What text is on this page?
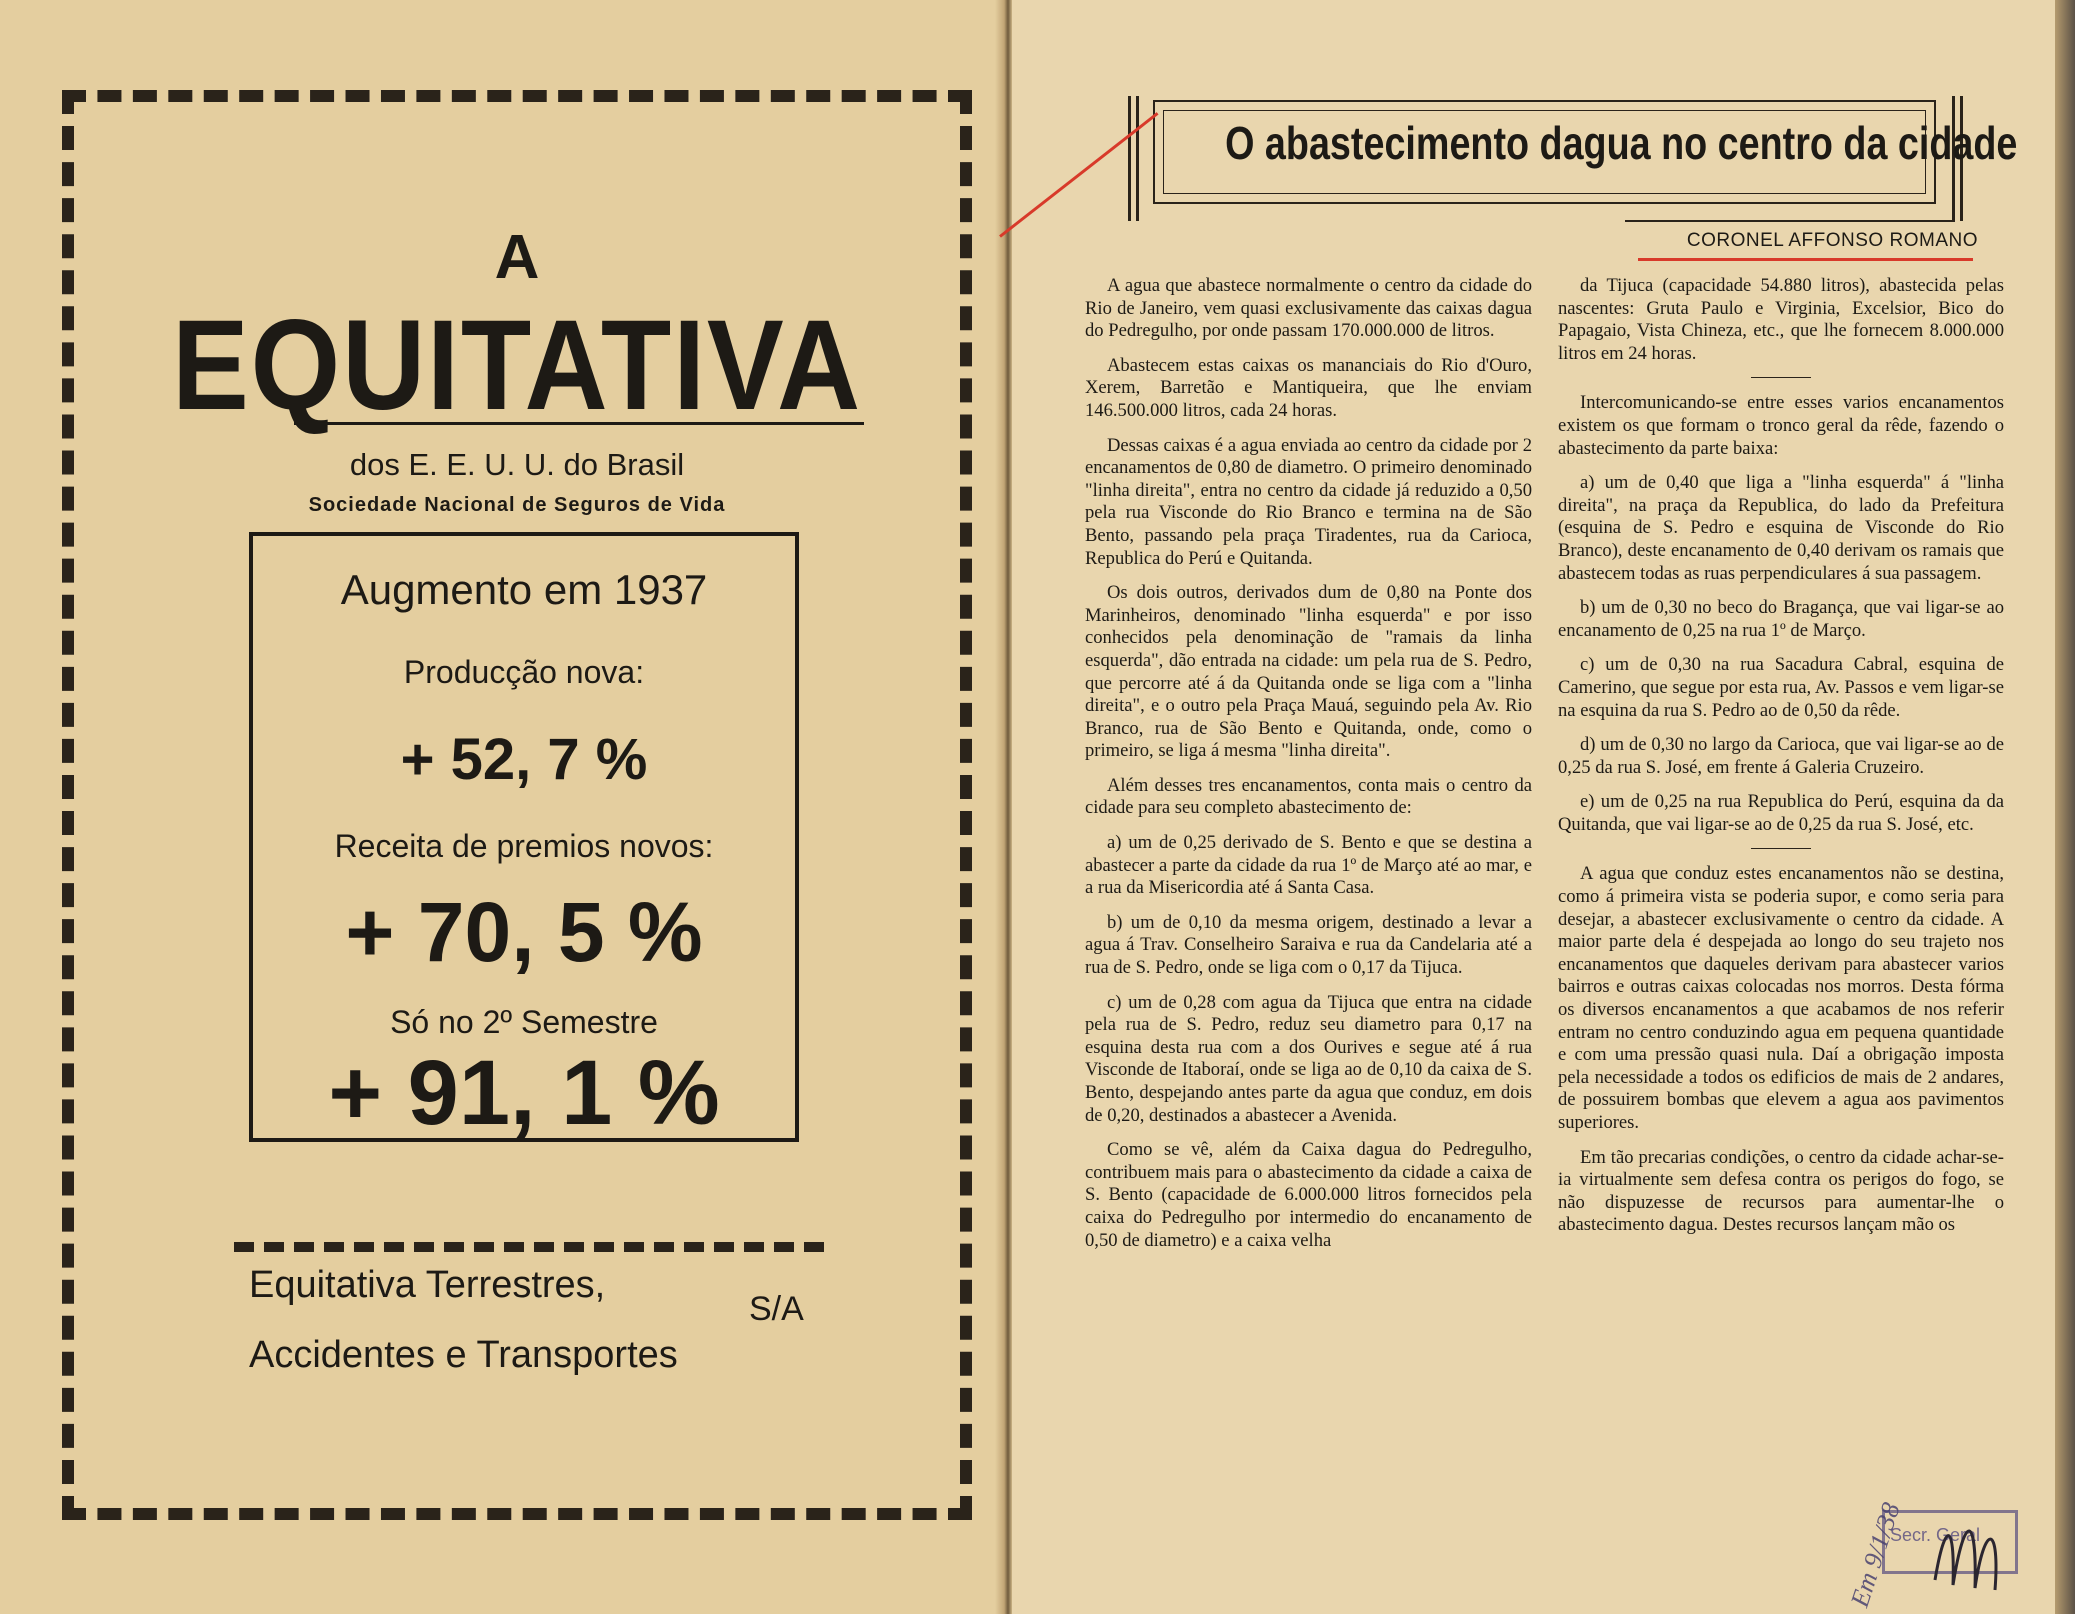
A
EQUITATIVA
dos E. E. U. U. do Brasil
Sociedade Nacional de Seguros de Vida
Augmento em 1937
Producção nova:
+ 52, 7 %
Receita de premios novos:
+ 70, 5 %
Só no 2º Semestre
+ 91, 1 %
Equitativa Terrestres,
Accidentes e Transportes
S/A
O abastecimento dagua no centro da cidade
CORONEL AFFONSO ROMANO

A agua que abastece normalmente o centro da cidade do Rio de Janeiro, vem quasi exclusivamente das caixas dagua do Pedregulho, por onde passam 170.000.000 de litros.

Abastecem estas caixas os mananciais do Rio d'Ouro, Xerem, Barretão e Mantiqueira, que lhe enviam 146.500.000 litros, cada 24 horas.

Dessas caixas é a agua enviada ao centro da cidade por 2 encanamentos de 0,80 de diametro. O primeiro denominado "linha direita", entra no centro da cidade já reduzido a 0,50 pela rua Visconde do Rio Branco e termina na de São Bento, passando pela praça Tiradentes, rua da Carioca, Republica do Perú e Quitanda.

Os dois outros, derivados dum de 0,80 na Ponte dos Marinheiros, denominado "linha esquerda" e por isso conhecidos pela denominação de "ramais da linha esquerda", dão entrada na cidade: um pela rua de S. Pedro, que percorre até á da Quitanda onde se liga com a "linha direita", e o outro pela Praça Mauá, seguindo pela Av. Rio Branco, rua de São Bento e Quitanda, onde, como o primeiro, se liga á mesma "linha direita".

Além desses tres encanamentos, conta mais o centro da cidade para seu completo abastecimento de:

a) um de 0,25 derivado de S. Bento e que se destina a abastecer a parte da cidade da rua 1º de Março até ao mar, e a rua da Misericordia até á Santa Casa.

b) um de 0,10 da mesma origem, destinado a levar a agua á Trav. Conselheiro Saraiva e rua da Candelaria até a rua de S. Pedro, onde se liga com o 0,17 da Tijuca.

c) um de 0,28 com agua da Tijuca que entra na cidade pela rua de S. Pedro, reduz seu diametro para 0,17 na esquina desta rua com a dos Ourives e segue até á rua Visconde de Itaboraí, onde se liga ao de 0,10 da caixa de S. Bento, despejando antes parte da agua que conduz, em dois de 0,20, destinados a abastecer a Avenida.

Como se vê, além da Caixa dagua do Pedregulho, contribuem mais para o abastecimento da cidade a caixa de S. Bento (capacidade de 6.000.000 litros fornecidos pela caixa do Pedregulho por intermedio do encanamento de 0,50 de diametro) e a caixa velha

da Tijuca (capacidade 54.880 litros), abastecida pelas nascentes: Gruta Paulo e Virginia, Excelsior, Bico do Papagaio, Vista Chineza, etc., que lhe fornecem 8.000.000 litros em 24 horas.

Intercomunicando-se entre esses varios encanamentos existem os que formam o tronco geral da rêde, fazendo o abastecimento da parte baixa:

a) um de 0,40 que liga a "linha esquerda" á "linha direita", na praça da Republica, do lado da Prefeitura (esquina de S. Pedro e esquina de Visconde do Rio Branco), deste encanamento de 0,40 derivam os ramais que abastecem todas as ruas perpendiculares á sua passagem.

b) um de 0,30 no beco do Bragança, que vai ligar-se ao encanamento de 0,25 na rua 1º de Março.

c) um de 0,30 na rua Sacadura Cabral, esquina de Camerino, que segue por esta rua, Av. Passos e vem ligar-se na esquina da rua S. Pedro ao de 0,50 da rêde.

d) um de 0,30 no largo da Carioca, que vai ligar-se ao de 0,25 da rua S. José, em frente á Galeria Cruzeiro.

e) um de 0,25 na rua Republica do Perú, esquina da da Quitanda, que vai ligar-se ao de 0,25 da rua S. José, etc.

A agua que conduz estes encanamentos não se destina, como á primeira vista se poderia supor, e como seria para desejar, a abastecer exclusivamente o centro da cidade. A maior parte dela é despejada ao longo do seu trajeto nos encanamentos que daqueles derivam para abastecer varios bairros e outras caixas colocadas nos morros. Desta fórma os diversos encanamentos a que acabamos de nos referir entram no centro conduzindo agua em pequena quantidade e com uma pressão quasi nula. Daí a obrigação imposta pela necessidade a todos os edificios de mais de 2 andares, de possuirem bombas que elevem a agua aos pavimentos superiores.

Em tão precarias condições, o centro da cidade achar-se-ia virtualmente sem defesa contra os perigos do fogo, se não dispuzesse de recursos para aumentar-lhe o abastecimento dagua. Destes recursos lançam mão os

Secr. Geral
Em 9/1/38
